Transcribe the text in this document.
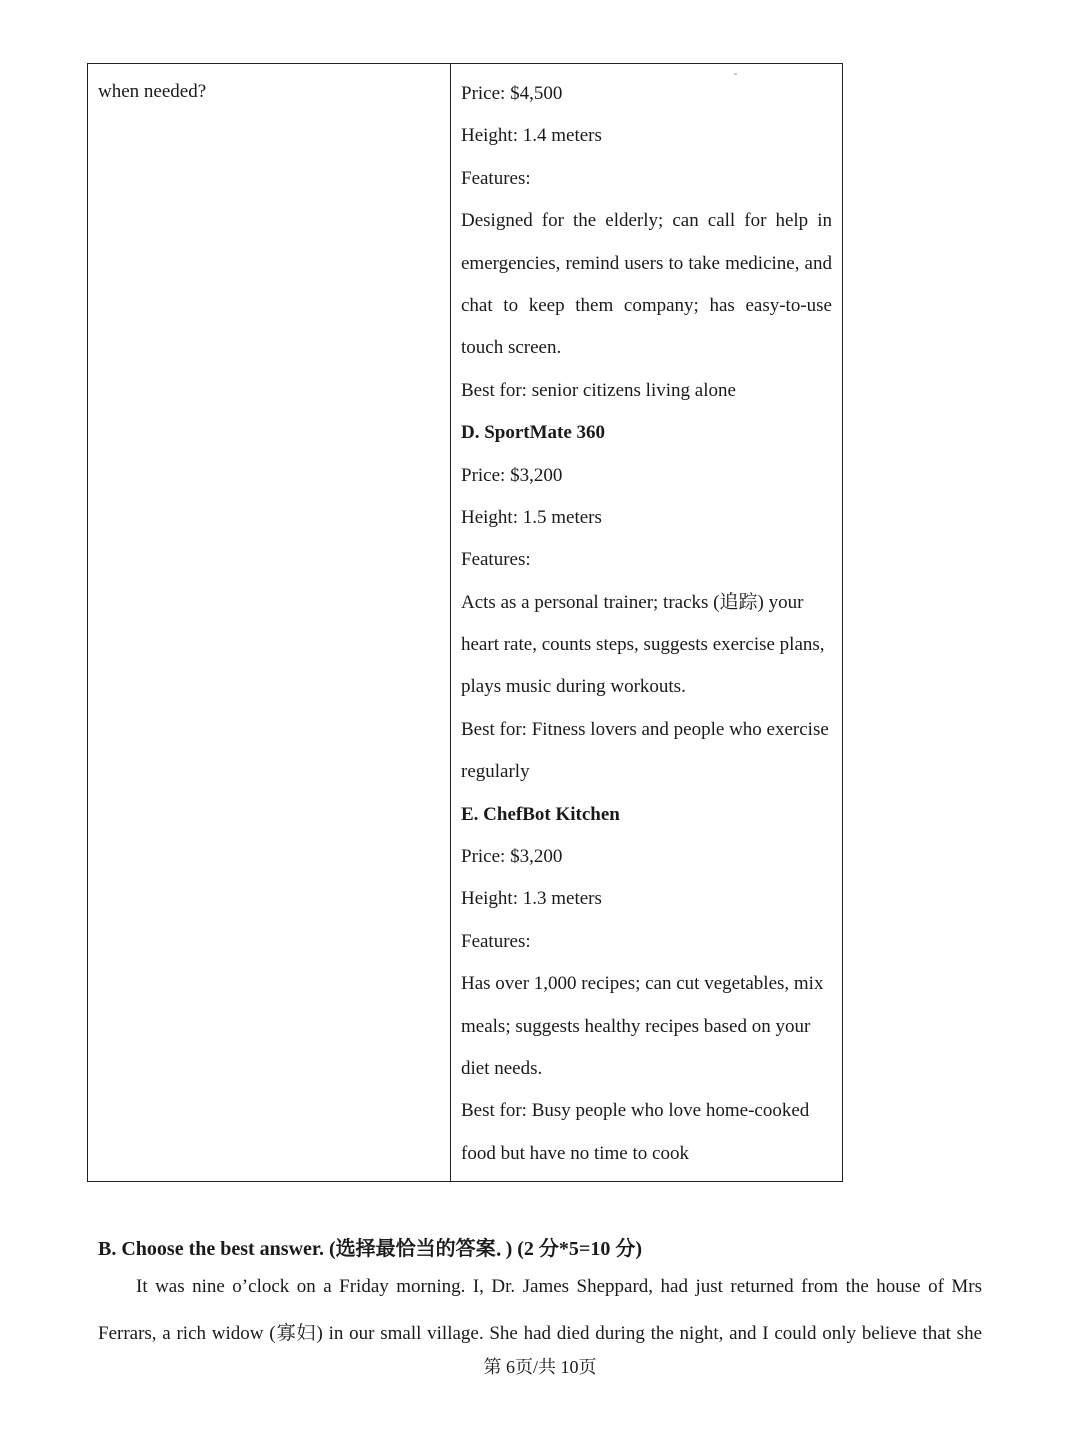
when needed?	Price: $4,500
Height: 1.4 meters
Features:
Designed for the elderly; can call for help in
emergencies, remind users to take medicine, and
chat to keep them company; has easy-to-use
touch screen.
Best for: senior citizens living alone
D. SportMate 360
Price: $3,200
Height: 1.5 meters
Features:
Acts as a personal trainer; tracks (追踪) your
heart rate, counts steps, suggests exercise plans,
plays music during workouts.
Best for: Fitness lovers and people who exercise
regularly
E. ChefBot Kitchen
Price: $3,200
Height: 1.3 meters
Features:
Has over 1,000 recipes; can cut vegetables, mix
meals; suggests healthy recipes based on your
diet needs.
Best for: Busy people who love home-cooked
food but have no time to cook
B. Choose the best answer. (选择最恰当的答案．) (2 分*5=10 分)
It was nine o’clock on a Friday morning. I, Dr. James Sheppard, had just returned from the house of Mrs
Ferrars, a rich widow (寡妇) in our small village. She had died during the night, and I could only believe that she
第 6页/共 10页
